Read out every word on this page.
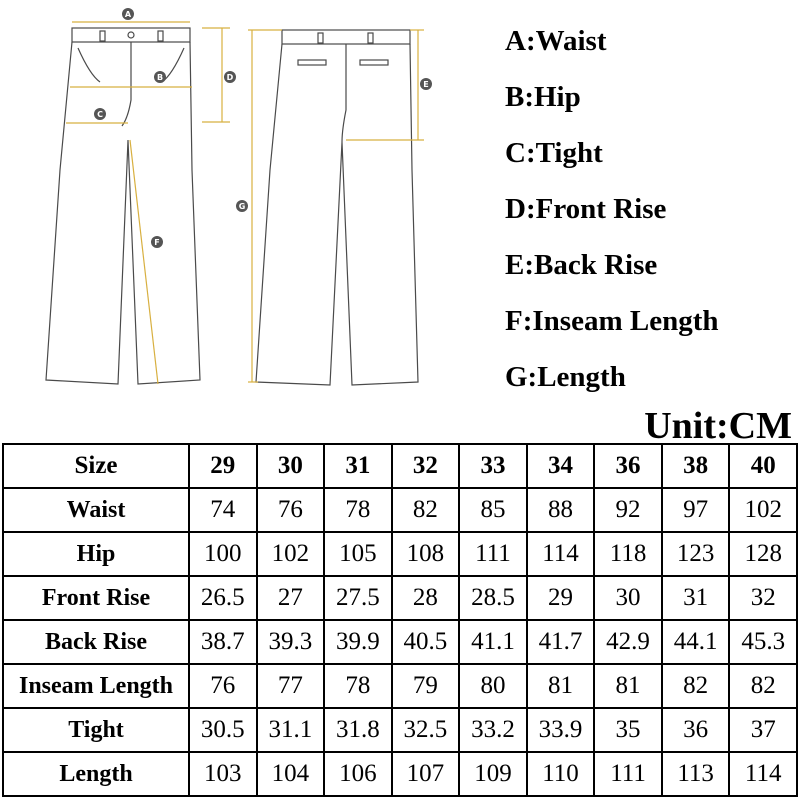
A
B
C
D
E
F
G
A:Waist
B:Hip
C:Tight
D:Front Rise
E:Back Rise
F:Inseam Length
G:Length
Unit:CM
Size	29	30	31	32	33	34	36	38	40
Waist	74	76	78	82	85	88	92	97	102
Hip	100	102	105	108	111	114	118	123	128
Front Rise	26.5	27	27.5	28	28.5	29	30	31	32
Back Rise	38.7	39.3	39.9	40.5	41.1	41.7	42.9	44.1	45.3
Inseam Length	76	77	78	79	80	81	81	82	82
Tight	30.5	31.1	31.8	32.5	33.2	33.9	35	36	37
Length	103	104	106	107	109	110	111	113	114
